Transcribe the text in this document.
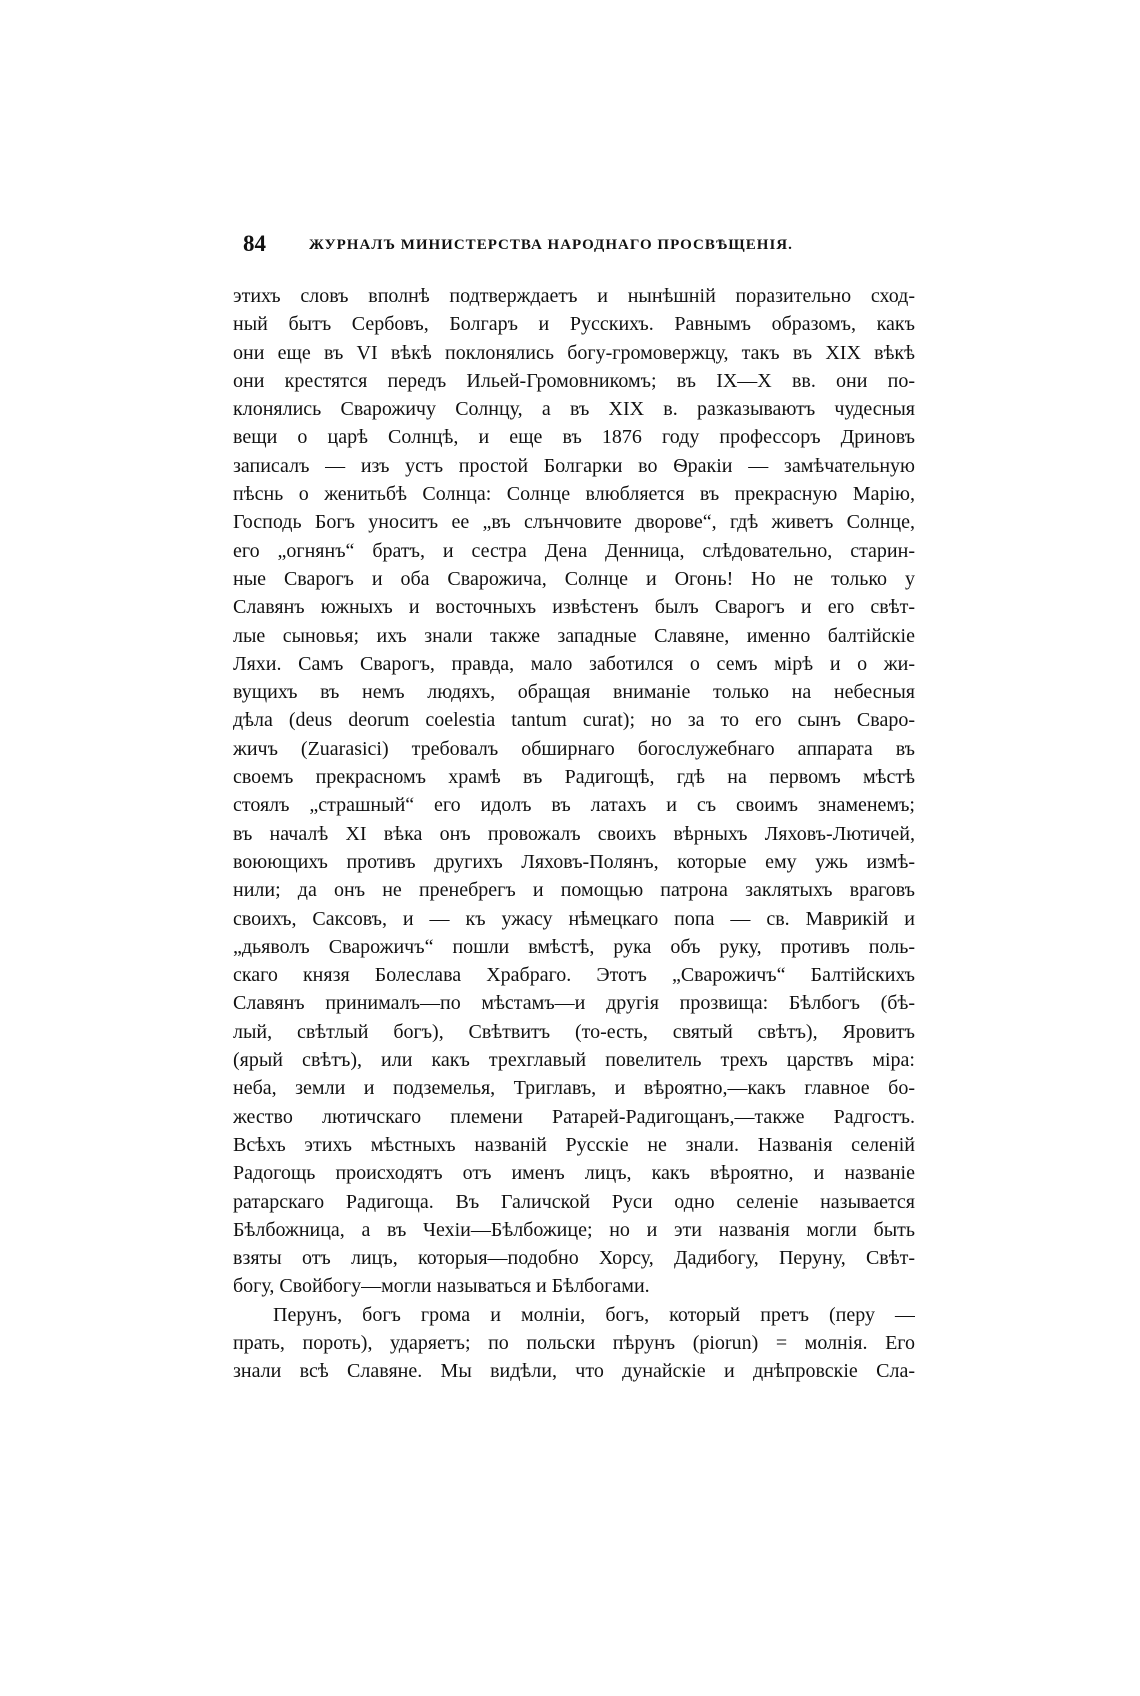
84	ЖУРНАЛЪ МИНИСТЕРСТВА НАРОДНАГО ПРОСВѢЩЕНІЯ.
этихъ словъ вполнѣ подтверждаетъ и нынѣшній поразительно сход-
ный бытъ Сербовъ, Болгаръ и Русскихъ. Равнымъ образомъ, какъ
они еще въ VI вѣкѣ поклонялись богу-громовержцу, такъ въ XIX вѣкѣ
они крестятся передъ Ильей-Громовникомъ; въ IX—X вв. они по-
клонялись Сварожичу Солнцу, а въ XIX в. разказываютъ чудесныя
вещи о царѣ Солнцѣ, и еще въ 1876 году профессоръ Дриновъ
записалъ — изъ устъ простой Болгарки во Ѳракіи — замѣчательную
пѣснь о женитьбѣ Солнца: Солнце влюбляется въ прекрасную Марію,
Господь Богъ уноситъ ее „въ слънчовите дворове“, гдѣ живетъ Солнце,
его „огнянъ“ братъ, и сестра Дена Денница, слѣдовательно, старин-
ные Сварогъ и оба Сварожича, Солнце и Огонь! Но не только у
Славянъ южныхъ и восточныхъ извѣстенъ былъ Сварогъ и его свѣт-
лые сыновья; ихъ знали также западные Славяне, именно балтійскіе
Ляхи. Самъ Сварогъ, правда, мало заботился о семъ мірѣ и о жи-
вущихъ въ немъ людяхъ, обращая вниманіе только на небесныя
дѣла (deus deorum coelestia tantum curat); но за то его сынъ Сваро-
жичъ (Zuarasici) требовалъ обширнаго богослужебнаго аппарата въ
своемъ прекрасномъ храмѣ въ Радигощѣ, гдѣ на первомъ мѣстѣ
стоялъ „страшный“ его идолъ въ латахъ и съ своимъ знаменемъ;
въ началѣ XI вѣка онъ провожалъ своихъ вѣрныхъ Ляховъ-Лютичей,
воюющихъ противъ другихъ Ляховъ-Полянъ, которые ему ужь измѣ-
нили; да онъ не пренебрегъ и помощью патрона заклятыхъ враговъ
своихъ, Саксовъ, и — къ ужасу нѣмецкаго попа — св. Маврикій и
„дьяволъ Сварожичъ“ пошли вмѣстѣ, рука объ руку, противъ поль-
скаго князя Болеслава Храбраго. Этотъ „Сварожичъ“ Балтійскихъ
Славянъ принималъ—по мѣстамъ—и другія прозвища: Бѣлбогъ (бѣ-
лый, свѣтлый богъ), Свѣтвитъ (то-есть, святый свѣтъ), Яровитъ
(ярый свѣтъ), или какъ трехглавый повелитель трехъ царствъ міра:
неба, земли и подземелья, Триглавъ, и вѣроятно,—какъ главное бо-
жество лютичскаго племени Ратарей-Радигощанъ,—также Радгостъ.
Всѣхъ этихъ мѣстныхъ названій Русскіе не знали. Названія селеній
Радогощь происходятъ отъ именъ лицъ, какъ вѣроятно, и названіе
ратарскаго Радигоща. Въ Галичской Руси одно селеніе называется
Бѣлбожница, а въ Чехіи—Бѣлбожице; но и эти названія могли быть
взяты отъ лицъ, которыя—подобно Хорсу, Дадибогу, Перуну, Свѣт-
богу, Свойбогу—могли называться и Бѣлбогами.
Перунъ, богъ грома и молніи, богъ, который претъ (перу —
прать, пороть), ударяетъ; по польски пѣрунъ (piorun) = молнія. Его
знали всѣ Славяне. Мы видѣли, что дунайскіе и днѣпровскіе Сла-
